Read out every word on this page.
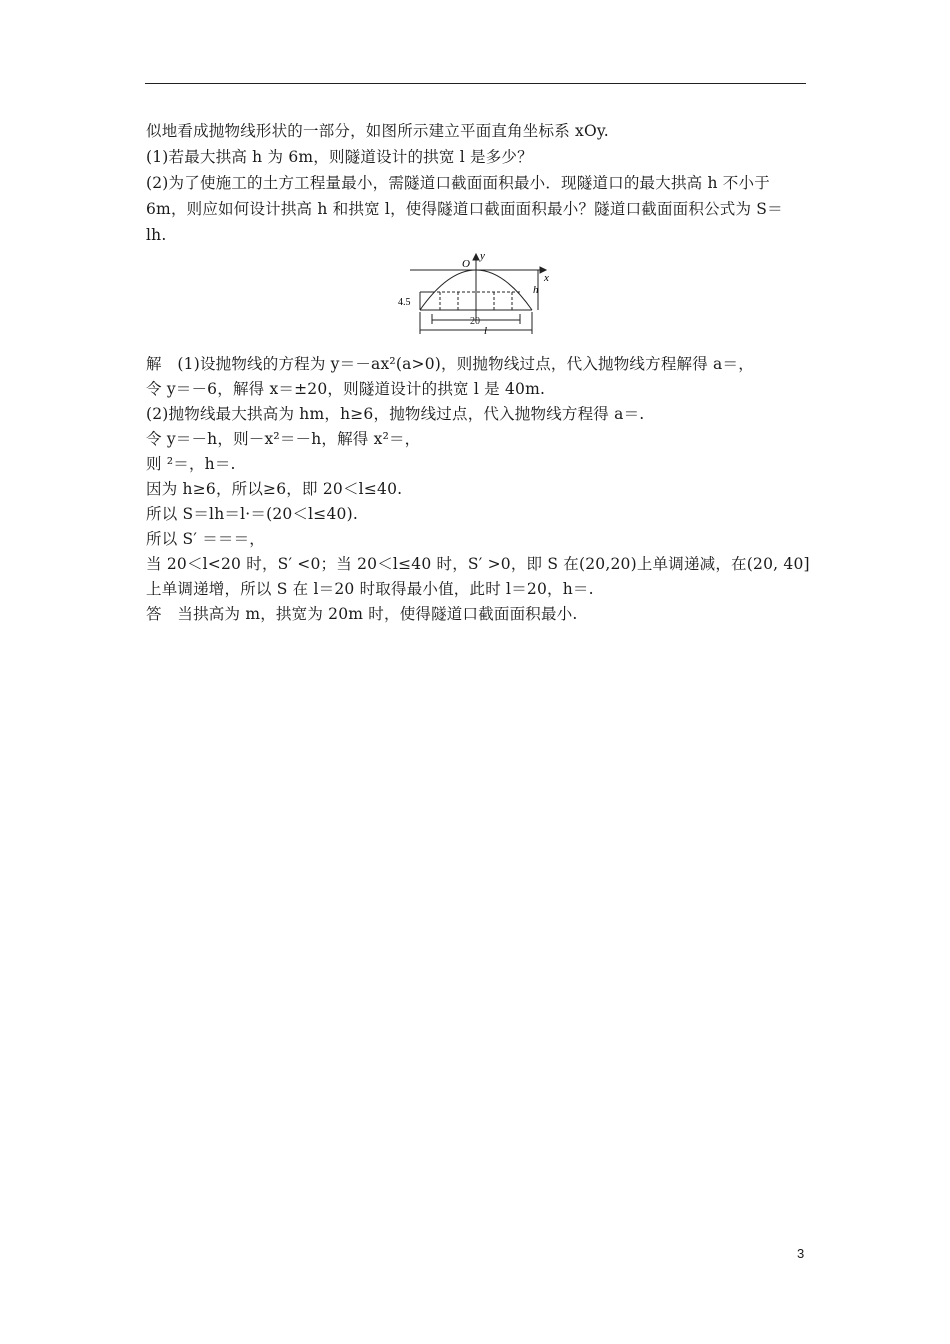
似地看成抛物线形状的一部分，如图所示建立平面直角坐标系 xOy.
(1)若最大拱高 h 为 6m，则隧道设计的拱宽 l 是多少？
(2)为了使施工的土方工程量最小，需隧道口截面面积最小．现隧道口的最大拱高 h 不小于
6m，则应如何设计拱高 h 和拱宽 l，使得隧道口截面面积最小？隧道口截面面积公式为 S＝
lh.
y
x
O
h
4.5
20
l
解　(1)设抛物线的方程为 y＝－ax²(a>0)，则抛物线过点，代入抛物线方程解得 a＝，
令 y＝－6，解得 x＝±20，则隧道设计的拱宽 l 是 40m.
(2)抛物线最大拱高为 hm，h≥6，抛物线过点，代入抛物线方程得 a＝.
令 y＝－h，则－x²＝－h，解得 x²＝，
则 ²＝，h＝.
因为 h≥6，所以≥6，即 20＜l≤40.
所以 S＝lh＝l·＝(20＜l≤40).
所以 S′ ＝＝＝，
当 20＜l<20 时，S′ <0；当 20＜l≤40 时，S′ >0，即 S 在(20,20)上单调递减，在(20, 40]
上单调递增，所以 S 在 l＝20 时取得最小值，此时 l＝20，h＝.
答　当拱高为 m，拱宽为 20m 时，使得隧道口截面面积最小.
3
